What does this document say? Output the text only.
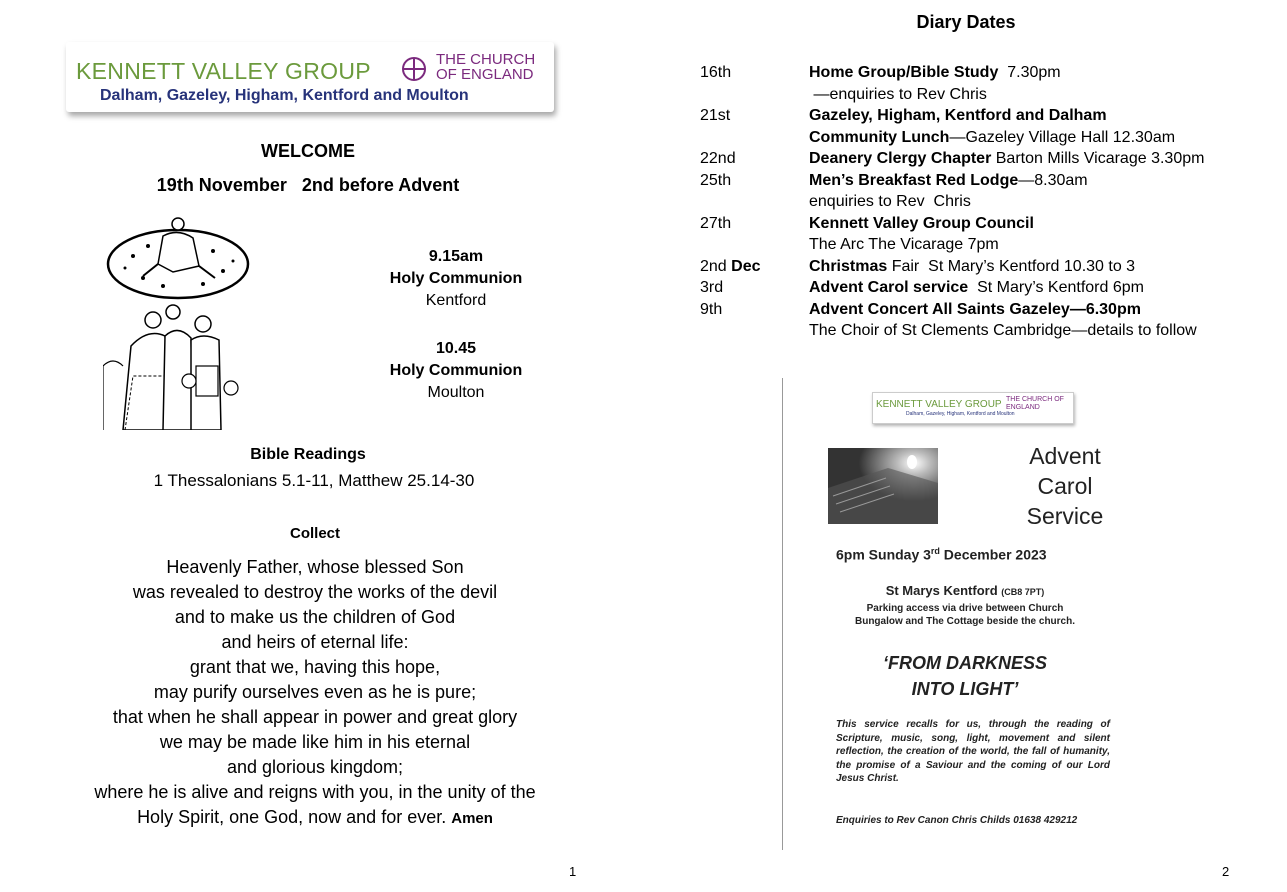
KENNETT VALLEY GROUP	THE CHURCH
OF ENGLAND
Dalham, Gazeley, Higham, Kentford and Moulton
WELCOME
19th November   2nd before Advent
9.15am
Holy Communion
Kentford
10.45
Holy Communion
Moulton
Bible Readings
1 Thessalonians 5.1-11, Matthew 25.14-30
Collect
Heavenly Father, whose blessed Son
was revealed to destroy the works of the devil
and to make us the children of God
and heirs of eternal life:
grant that we, having this hope,
may purify ourselves even as he is pure;
that when he shall appear in power and great glory
we may be made like him in his eternal
and glorious kingdom;
where he is alive and reigns with you, in the unity of the
Holy Spirit, one God, now and for ever. Amen
1
Diary Dates
16th	Home Group/Bible Study  7.30pm
—enquiries to Rev Chris
21st	Gazeley, Higham, Kentford and Dalham
Community Lunch—Gazeley Village Hall 12.30am
22nd	Deanery Clergy Chapter Barton Mills Vicarage 3.30pm
25th	Men’s Breakfast Red Lodge—8.30am
enquiries to Rev  Chris
27th	Kennett Valley Group Council
The Arc The Vicarage 7pm
2nd Dec	Christmas Fair  St Mary’s Kentford 10.30 to 3
3rd	Advent Carol service  St Mary’s Kentford 6pm
9th	Advent Concert All Saints Gazeley—6.30pm
The Choir of St Clements Cambridge—details to follow
KENNETT VALLEY GROUP THE CHURCH OF ENGLAND
Dalham, Gazeley, Higham, Kentford and Moulton
Advent
Carol
Service
6pm Sunday 3rd December 2023
St Marys Kentford (CB8 7PT)
Parking access via drive between Church
Bungalow and The Cottage beside the church.
‘FROM DARKNESS
INTO LIGHT’
This service recalls for us, through the reading of Scripture, music, song, light, movement and silent reflection, the creation of the world, the fall of humanity, the promise of a Saviour and the coming of our Lord Jesus Christ.
Enquiries to Rev Canon Chris Childs 01638 429212
2
